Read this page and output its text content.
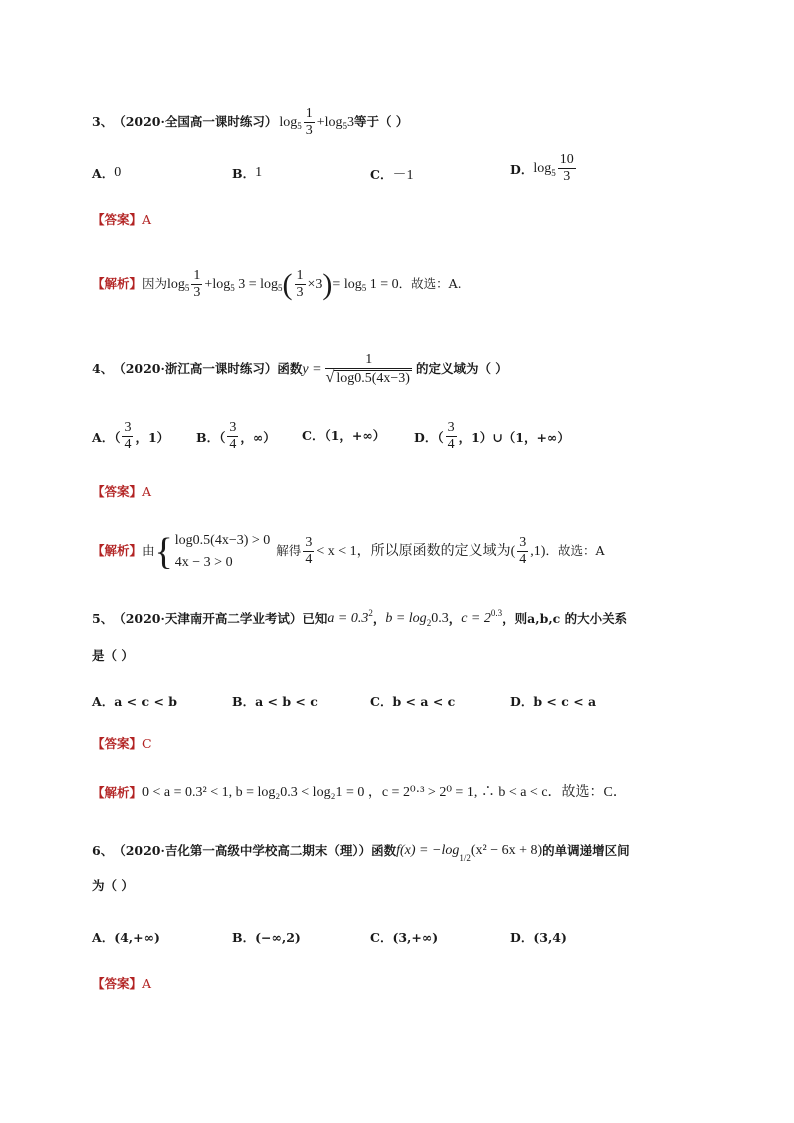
3、 （2020·全国高一课时练习） $\log 5 \frac{1}{3} + \log 5$ 3 等于（ ）
A． 0	B． 1	C． －1	D． $\log 5 \frac{10}{3}$
【答案】 A
【解析】 因为 $\log 5 \frac{1}{3} +\log$ 5 3 = log 5 ( $\frac{1}{3} \times 3$ ) = log 5 1 = 0 ．故选：A.
4、 （2020·浙江高一课时练习） 函数 $y = \frac{1}{√ \log 0.5(4x-3)}$ 的定义域为（ ）
A．（ $\frac{3}{4}$ ，1） B．（ $\frac{3}{4}$ ，∞） C．（1，+∞） D．（ $\frac{3}{4}$ ，1）∪（1，+∞）
【答案】 A
【解析】 由 { log0.5(4x−3) > 0
4x − 3 > 0
解得 $\frac{3}{4} < x < 1$，所以原函数的定义域为 ( $\frac{3}{4} ,1$) ．故选：A
5、 （2020·天津南开高二学业考试） 已知 a = 0.3 2 ， b = log 2 0.3 ， c = 2 0.3 ，则a,b,c 的大小关系
是（ ）
A．a < c < b	B．a < b < c	C．b < a < c	D．b < c < a
【答案】 C
【解析】 0 < a = 0.3² < 1, b = log₂0.3 < log₂1 = 0 ，c = 2⁰·³ > 2⁰ = 1, ∴ b < a < c．故选：C．
6、 （2020·吉化第一高级中学校高二期末（理）） 函数 f(x) = −log 1/2 (x² − 6x + 8) 的单调递增区间
为（ ）
A．(4,+∞)	B．(−∞,2)	C．(3,+∞)	D．(3,4)
【答案】 A
